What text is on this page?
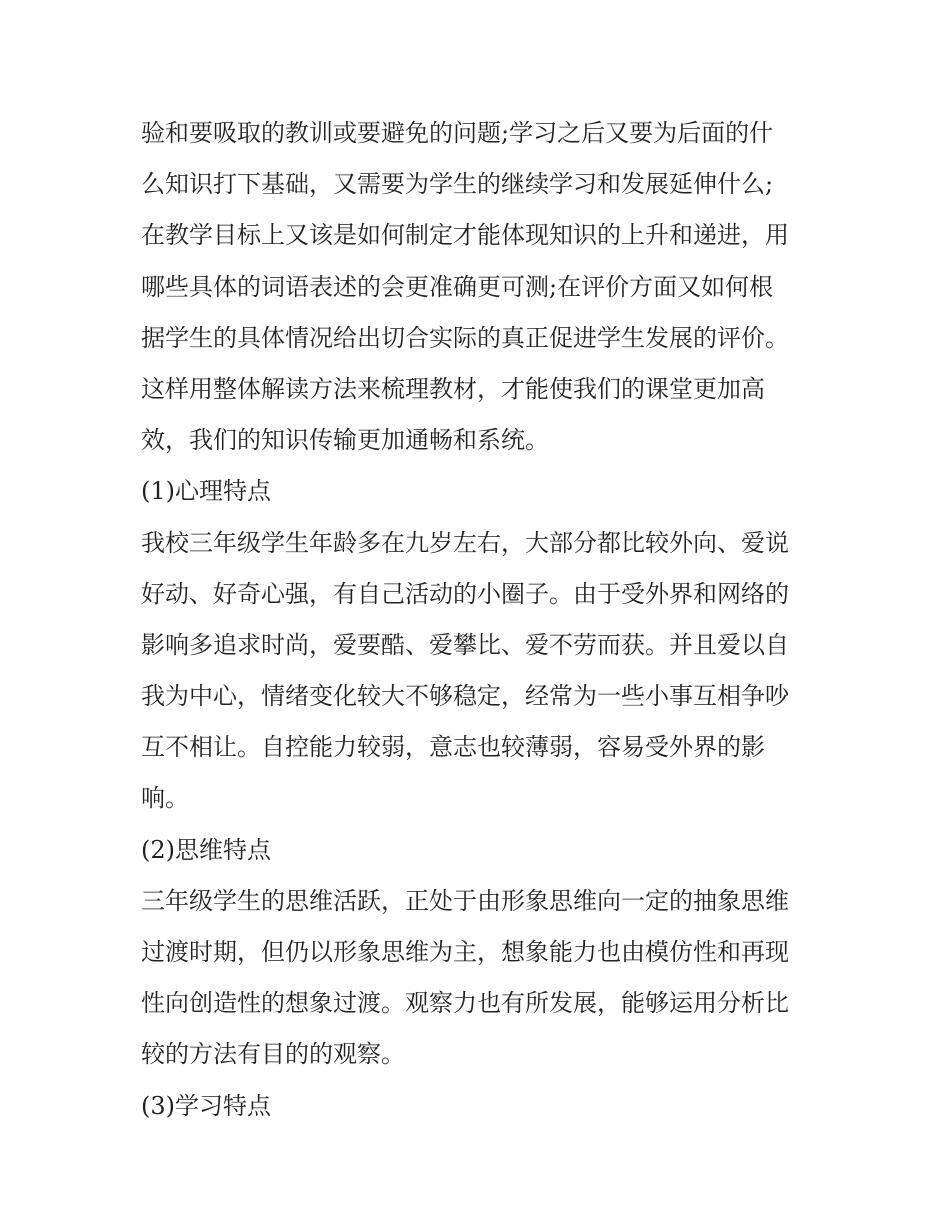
验和要吸取的教训或要避免的问题;学习之后又要为后面的什
么知识打下基础，又需要为学生的继续学习和发展延伸什么;
在教学目标上又该是如何制定才能体现知识的上升和递进，用
哪些具体的词语表述的会更准确更可测;在评价方面又如何根
据学生的具体情况给出切合实际的真正促进学生发展的评价。
这样用整体解读方法来梳理教材，才能使我们的课堂更加高
效，我们的知识传输更加通畅和系统。
(1)心理特点
我校三年级学生年龄多在九岁左右，大部分都比较外向、爱说
好动、好奇心强，有自己活动的小圈子。由于受外界和网络的
影响多追求时尚，爱要酷、爱攀比、爱不劳而获。并且爱以自
我为中心，情绪变化较大不够稳定，经常为一些小事互相争吵
互不相让。自控能力较弱，意志也较薄弱，容易受外界的影
响。
(2)思维特点
三年级学生的思维活跃，正处于由形象思维向一定的抽象思维
过渡时期，但仍以形象思维为主，想象能力也由模仿性和再现
性向创造性的想象过渡。观察力也有所发展，能够运用分析比
较的方法有目的的观察。
(3)学习特点
